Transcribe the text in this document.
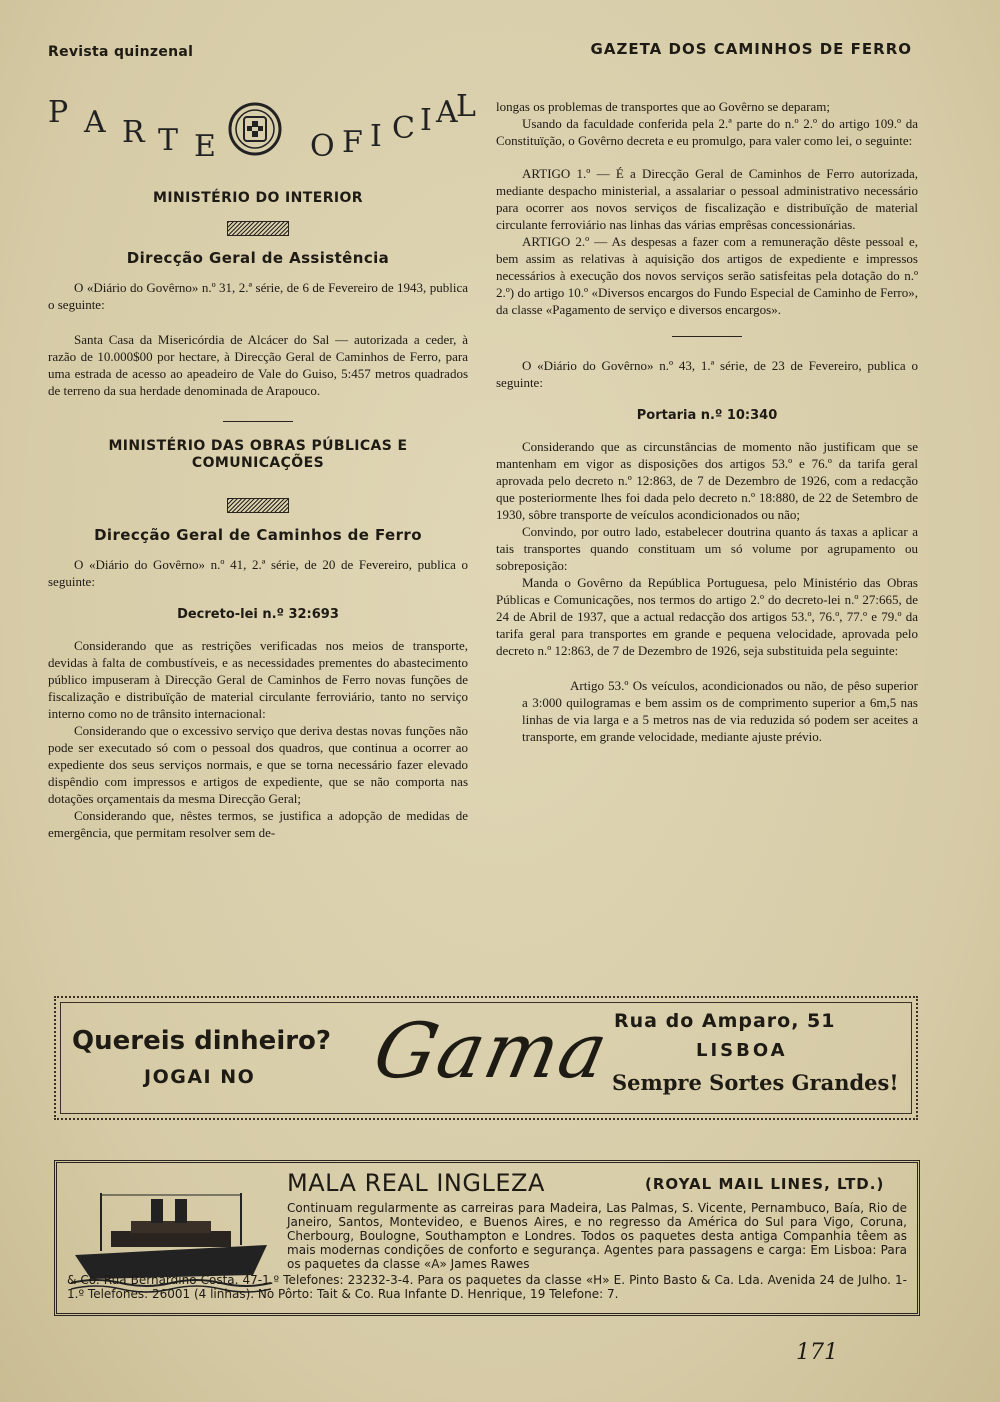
Revista quinzenal	GAZETA DOS CAMINHOS DE FERRO
P A R T E	O F I C I A
L
MINISTÉRIO DO INTERIOR
Direcção Geral de Assistência

O «Diário do Govêrno» n.º 31, 2.ª série, de 6 de Fevereiro de 1943, publica o seguinte:

Santa Casa da Misericórdia de Alcácer do Sal — autorizada a ceder, à razão de 10.000$00 por hectare, à Direcção Geral de Caminhos de Ferro, para uma estrada de acesso ao apeadeiro de Vale do Guiso, 5:457 metros quadrados de terreno da sua herdade denominada de Arapouco.

MINISTÉRIO DAS OBRAS PÚBLICAS E COMUNICAÇÕES
Direcção Geral de Caminhos de Ferro

O «Diário do Govêrno» n.º 41, 2.ª série, de 20 de Fevereiro, publica o seguinte:

Decreto-lei n.º 32:693

Considerando que as restrições verificadas nos meios de transporte, devidas à falta de combustíveis, e as necessidades prementes do abastecimento público impuseram à Direcção Geral de Caminhos de Ferro novas funções de fiscalização e distribuïção de material circulante ferroviário, tanto no serviço interno como no de trânsito internacional:

Considerando que o excessivo serviço que deriva destas novas funções não pode ser executado só com o pessoal dos quadros, que continua a ocorrer ao expediente dos seus serviços normais, e que se torna necessário fazer elevado dispêndio com impressos e artigos de expediente, que se não comporta nas dotações orçamentais da mesma Direcção Geral;

Considerando que, nêstes termos, se justifica a adopção de medidas de emergência, que permitam resolver sem de-

longas os problemas de transportes que ao Govêrno se deparam;

Usando da faculdade conferida pela 2.ª parte do n.º 2.º do artigo 109.º da Constituïção, o Govêrno decreta e eu promulgo, para valer como lei, o seguinte:

ARTIGO 1.º — É a Direcção Geral de Caminhos de Ferro autorizada, mediante despacho ministerial, a assalariar o pessoal administrativo necessário para ocorrer aos novos serviços de fiscalização e distribuïção de material circulante ferroviário nas linhas das várias emprêsas concessionárias.

ARTIGO 2.º — As despesas a fazer com a remuneração dêste pessoal e, bem assim as relativas à aquisição dos artigos de expediente e impressos necessários à execução dos novos serviços serão satisfeitas pela dotação do n.º 2.º) do artigo 10.º «Diversos encargos do Fundo Especial de Caminho de Ferro», da classe «Pagamento de serviço e diversos encargos».

O «Diário do Govêrno» n.º 43, 1.ª série, de 23 de Fevereiro, publica o seguinte:

Portaria n.º 10:340

Considerando que as circunstâncias de momento não justificam que se mantenham em vigor as disposições dos artigos 53.º e 76.º da tarifa geral aprovada pelo decreto n.º 12:863, de 7 de Dezembro de 1926, com a redacção que posteriormente lhes foi dada pelo decreto n.º 18:880, de 22 de Setembro de 1930, sôbre transporte de veículos acondicionados ou não;

Convindo, por outro lado, estabelecer doutrina quanto ás taxas a aplicar a tais transportes quando constituam um só volume por agrupamento ou sobreposição:

Manda o Govêrno da República Portuguesa, pelo Ministério das Obras Públicas e Comunicações, nos termos do artigo 2.º do decreto-lei n.º 27:665, de 24 de Abril de 1937, que a actual redacção dos artigos 53.º, 76.º, 77.º e 79.º da tarifa geral para transportes em grande e pequena velocidade, aprovada pelo decreto n.º 12:863, de 7 de Dezembro de 1926, seja substituida pela seguinte:

Artigo 53.º Os veículos, acondicionados ou não, de pêso superior a 3:000 quilogramas e bem assim os de comprimento superior a 6m,5 nas linhas de via larga e a 5 metros nas de via reduzida só podem ser aceites a transporte, em grande velocidade, mediante ajuste prévio.

Quereis dinheiro?
JOGAI NO Gama
Rua do Amparo, 51
LISBOA
Sempre Sortes Grandes!
MALA REAL INGLEZA	(ROYAL MAIL LINES, LTD.)
Continuam regularmente as carreiras para Madeira, Las Palmas, S. Vicente, Pernambuco, Baía, Rio de Janeiro, Santos, Montevideo, e Buenos Aires, e no regresso da América do Sul para Vigo, Coruna, Cherbourg, Boulogne, Southampton e Londres. Todos os paquetes desta antiga Companhia têem as mais modernas condições de conforto e segurança. Agentes para passagens e carga: Em Lisboa: Para os paquetes da classe «A» James Rawes
& Co. Rua Bernardino Costa. 47-1.º Telefones: 23232-3-4. Para os paquetes da classe «H» E. Pinto Basto & Ca. Lda. Avenida 24 de Julho. 1-1.º Telefones: 26001 (4 linhas). No Pôrto: Tait & Co. Rua Infante D. Henrique, 19 Telefone: 7.
171
